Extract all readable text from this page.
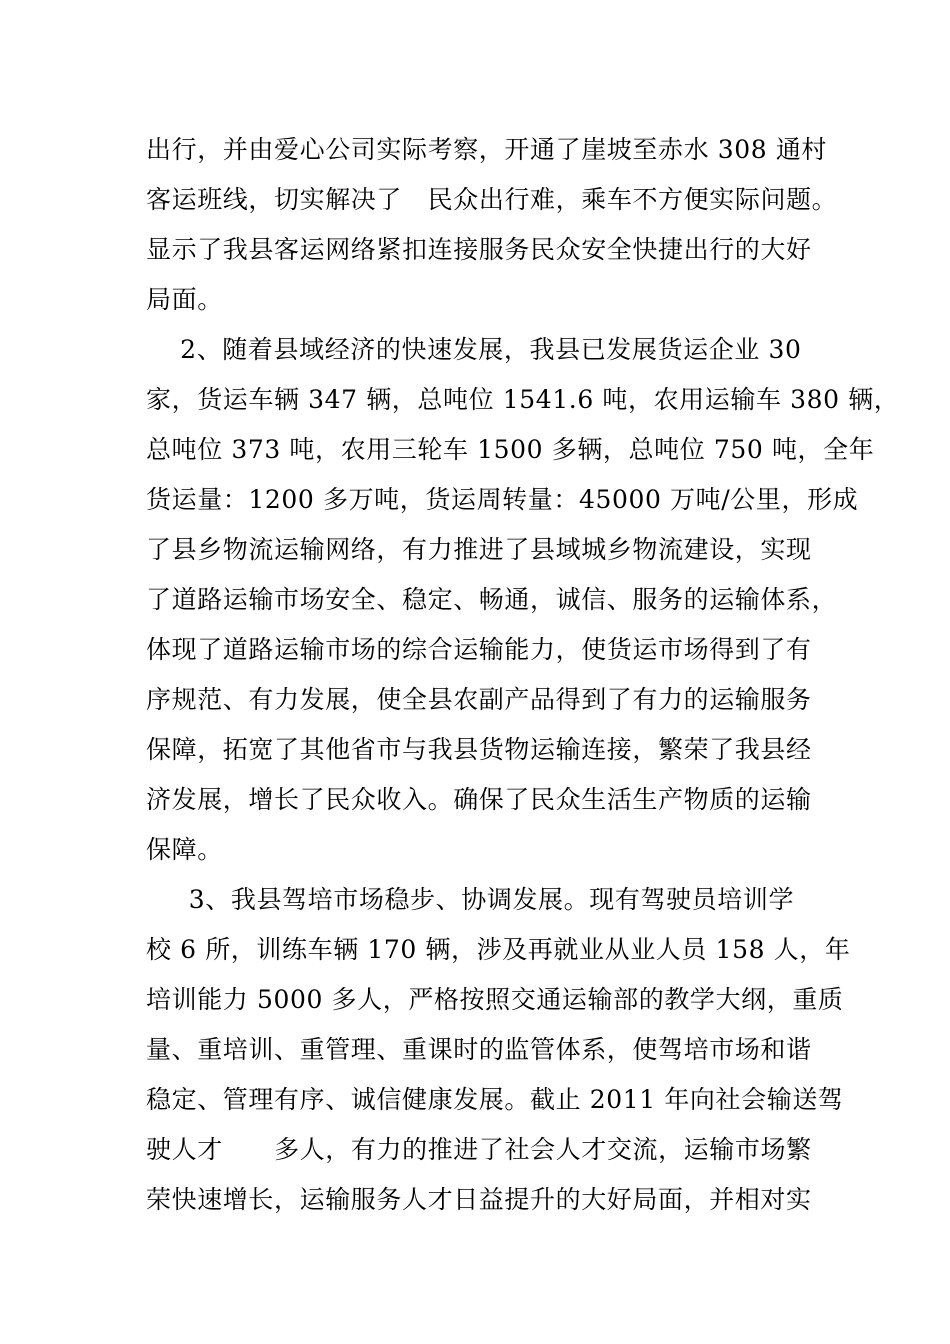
出行，并由爱心公司实际考察，开通了崖坡至赤水 308 通村
客运班线，切实解决了   民众出行难，乘车不方便实际问题。
显示了我县客运网络紧扣连接服务民众安全快捷出行的大好
局面。
2、随着县域经济的快速发展，我县已发展货运企业 30
家，货运车辆 347 辆，总吨位 1541.6 吨，农用运输车 380 辆，
总吨位 373 吨，农用三轮车 1500 多辆，总吨位 750 吨，全年
货运量：1200 多万吨，货运周转量：45000 万吨/公里，形成
了县乡物流运输网络，有力推进了县域城乡物流建设，实现
了道路运输市场安全、稳定、畅通，诚信、服务的运输体系，
体现了道路运输市场的综合运输能力，使货运市场得到了有
序规范、有力发展，使全县农副产品得到了有力的运输服务
保障，拓宽了其他省市与我县货物运输连接，繁荣了我县经
济发展，增长了民众收入。确保了民众生活生产物质的运输
保障。
3、我县驾培市场稳步、协调发展。现有驾驶员培训学
校 6 所，训练车辆 170 辆，涉及再就业从业人员 158 人，年
培训能力 5000 多人，严格按照交通运输部的教学大纲，重质
量、重培训、重管理、重课时的监管体系，使驾培市场和谐
稳定、管理有序、诚信健康发展。截止 2011 年向社会输送驾
驶人才      多人，有力的推进了社会人才交流，运输市场繁
荣快速增长，运输服务人才日益提升的大好局面，并相对实
